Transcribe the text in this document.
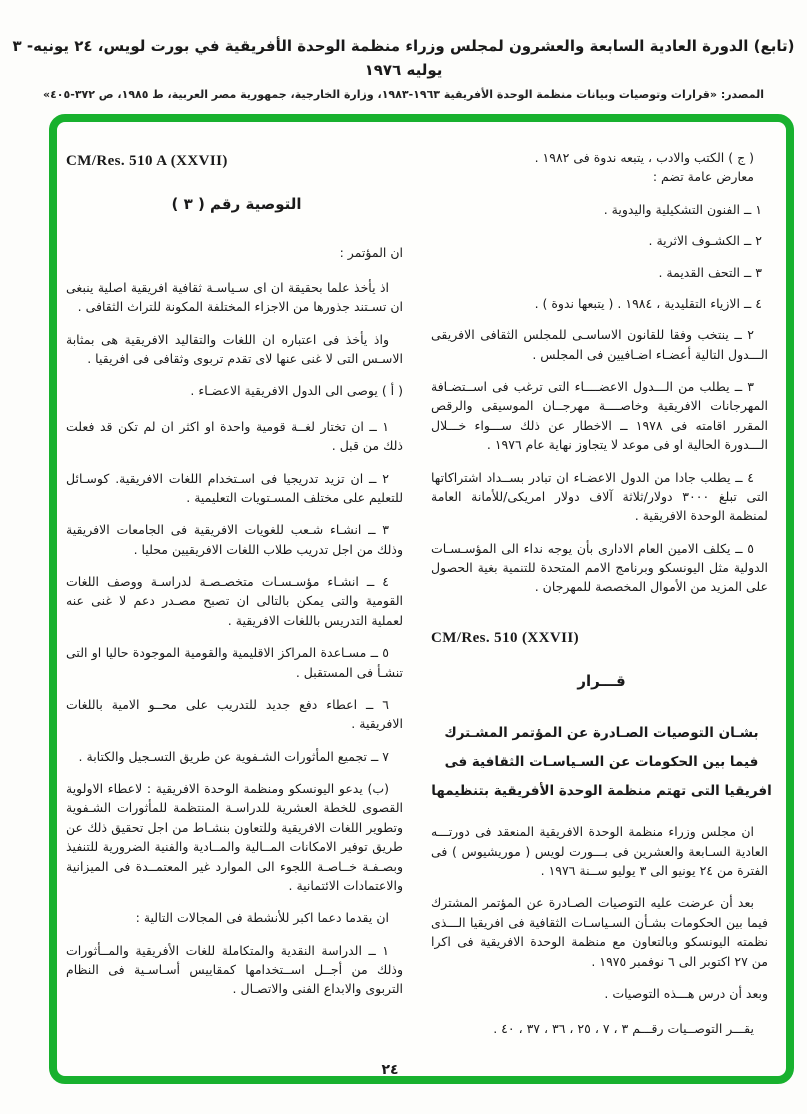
(تابع) الدورة العادية السابعة والعشرون لمجلس وزراء منظمة الوحدة الأفريقية في بورت لويس، ٢٤ يونيه- ٣ يوليه ١٩٧٦
المصدر: «قرارات وتوصيات وبيانات منظمة الوحدة الأفريقية ١٩٦٣-١٩٨٣، وزارة الخارجية، جمهورية مصر العربية، ط ١٩٨٥، ص ٣٧٢-٤٠٥»
( ج ) الكتب والادب ، يتبعه ندوة فى ١٩٨٢ .
معارض عامة تضم :
١ ــ الفنون التشكيلية واليدوية .
٢ ــ الكشـوف الاثرية .
٣ ــ التحف القديمة .
٤ ــ الازياء التقليدية ، ١٩٨٤ . ( يتبعها ندوة ) .
٢ ــ ينتخب وفقا للقانون الاساسـى للمجلس الثقافى الافريقى الـــدول التالية أعضـاء اضـافيين فى المجلس .
٣ ــ يطلب من الـــدول الاعضــــاء التى ترغب فى اســتضـافة المهرجانات الافريقية وخاصــــة مهرجــان الموسيقى والرقص المقرر اقامته فى ١٩٧٨ ــ الاخطار عن ذلك ســـواء خـــلال الـــدورة الحالية او فى موعد لا يتجاوز نهاية عام ١٩٧٦ .
٤ ــ يطلب جادا من الدول الاعضـاء ان تبادر بســداد اشتراكاتها التى تبلغ ٣٠٠٠ دولار/ثلاثة آلاف دولار امريكى/للأمانة العامة لمنظمة الوحدة الافريقية .
٥ ــ يكلف الامين العام الادارى بأن يوجه نداء الى المؤسـسـات الدولية مثل اليونسكو وبرنامج الامم المتحدة للتنمية بغية الحصول على المزيد من الأموال المخصصة للمهرجان .
CM/Res. 510 (XXVII)
قـــرار
بشـان التوصيات الصـادرة عن المؤتمر المشـترك
فيما بين الحكومات عن السـياسـات الثقافية فى
افريقيا التى تهتم منظمة الوحدة الأفريقية بتنظيمها
ان مجلس وزراء منظمة الوحدة الافريقية المنعقد فى دورتـــه العادية السـابعة والعشرين فى بـــورت لويس ( موريشيوس ) فى الفترة من ٢٤ يونيو الى ٣ يوليو ســنة ١٩٧٦ .
بعد أن عرضت عليه التوصيات الصـادرة عن المؤتمر المشترك فيما بين الحكومات بشـأن السـياسـات الثقافية فى افريقيا الـــذى نظمته اليونسكو وبالتعاون مع منظمة الوحدة الافريقية فى اكرا من ٢٧ اكتوبر الى ٦ نوفمبر ١٩٧٥ .
وبعد أن درس هـــذه التوصيات .
يقـــر التوصــيات رقـــم ٣ ، ٧ ، ٢٥ ، ٣٦ ، ٣٧ ، ٤٠ .
CM/Res. 510 A (XXVII)
التوصية رقم ( ٣ )
ان المؤتمر :
اذ يأخذ علما بحقيقة ان اى سـياسـة ثقافية افريقية اصلية ينبغى ان تسـتند جذورها من الاجزاء المختلفة المكونة للتراث الثقافى .
واذ يأخذ فى اعتباره ان اللغات والتقاليد الافريقية هى بمثابة الاسـس التى لا غنى عنها لاى تقدم تربوى وثقافى فى افريقيا .
( أ ) يوصى الى الدول الافريقية الاعضـاء .
١ ــ ان تختار لغــة قومية واحدة او اكثر ان لم تكن قد فعلت ذلك من قبل .
٢ ــ ان تزيد تدريجيا فى اسـتخدام اللغات الافريقية. كوسـائل للتعليم على مختلف المسـتويات التعليمية .
٣ ــ انشـاء شـعب للغويات الافريقية فى الجامعات الافريقية وذلك من اجل تدريب طلاب اللغات الافريقيين محليا .
٤ ــ انشـاء مؤسـسـات متخصـصـة لدراسـة ووصف اللغات القومية والتى يمكن بالتالى ان تصبح مصـدر دعم لا غنى عنه لعملية التدريس باللغات الافريقية .
٥ ــ مسـاعدة المراكز الاقليمية والقومية الموجودة حاليا او التى تنشـأ فى المستقبل .
٦ ــ اعطاء دفع جديد للتدريب على محــو الامية باللغات الافريقية .
٧ ــ تجميع المأثورات الشـفوية عن طريق التسـجيل والكتابة .
(ب) يدعو اليونسكو ومنظمة الوحدة الافريقية : لاعطاء الاولوية القصوى للخطة العشرية للدراسـة المنتظمة للمأثورات الشـفوية وتطوير اللغات الافريقية وللتعاون بنشـاط من اجل تحقيق ذلك عن طريق توفير الامكانات المــالية والمــادية والفنية الضرورية للتنفيذ وبصـفـة خــاصـة اللجوء الى الموارد غير المعتمــدة فى الميزانية والاعتمادات الائتمانية .
ان يقدما دعما اكبر للأنشطة فى المجالات التالية :
١ ــ الدراسة النقدية والمتكاملة للغات الأفريقية والمــأثورات وذلك من أجــل اســتخدامها كمقاييس أسـاسـية فى النظام التربوى والابداع الفنى والاتصـال .
٢٤
